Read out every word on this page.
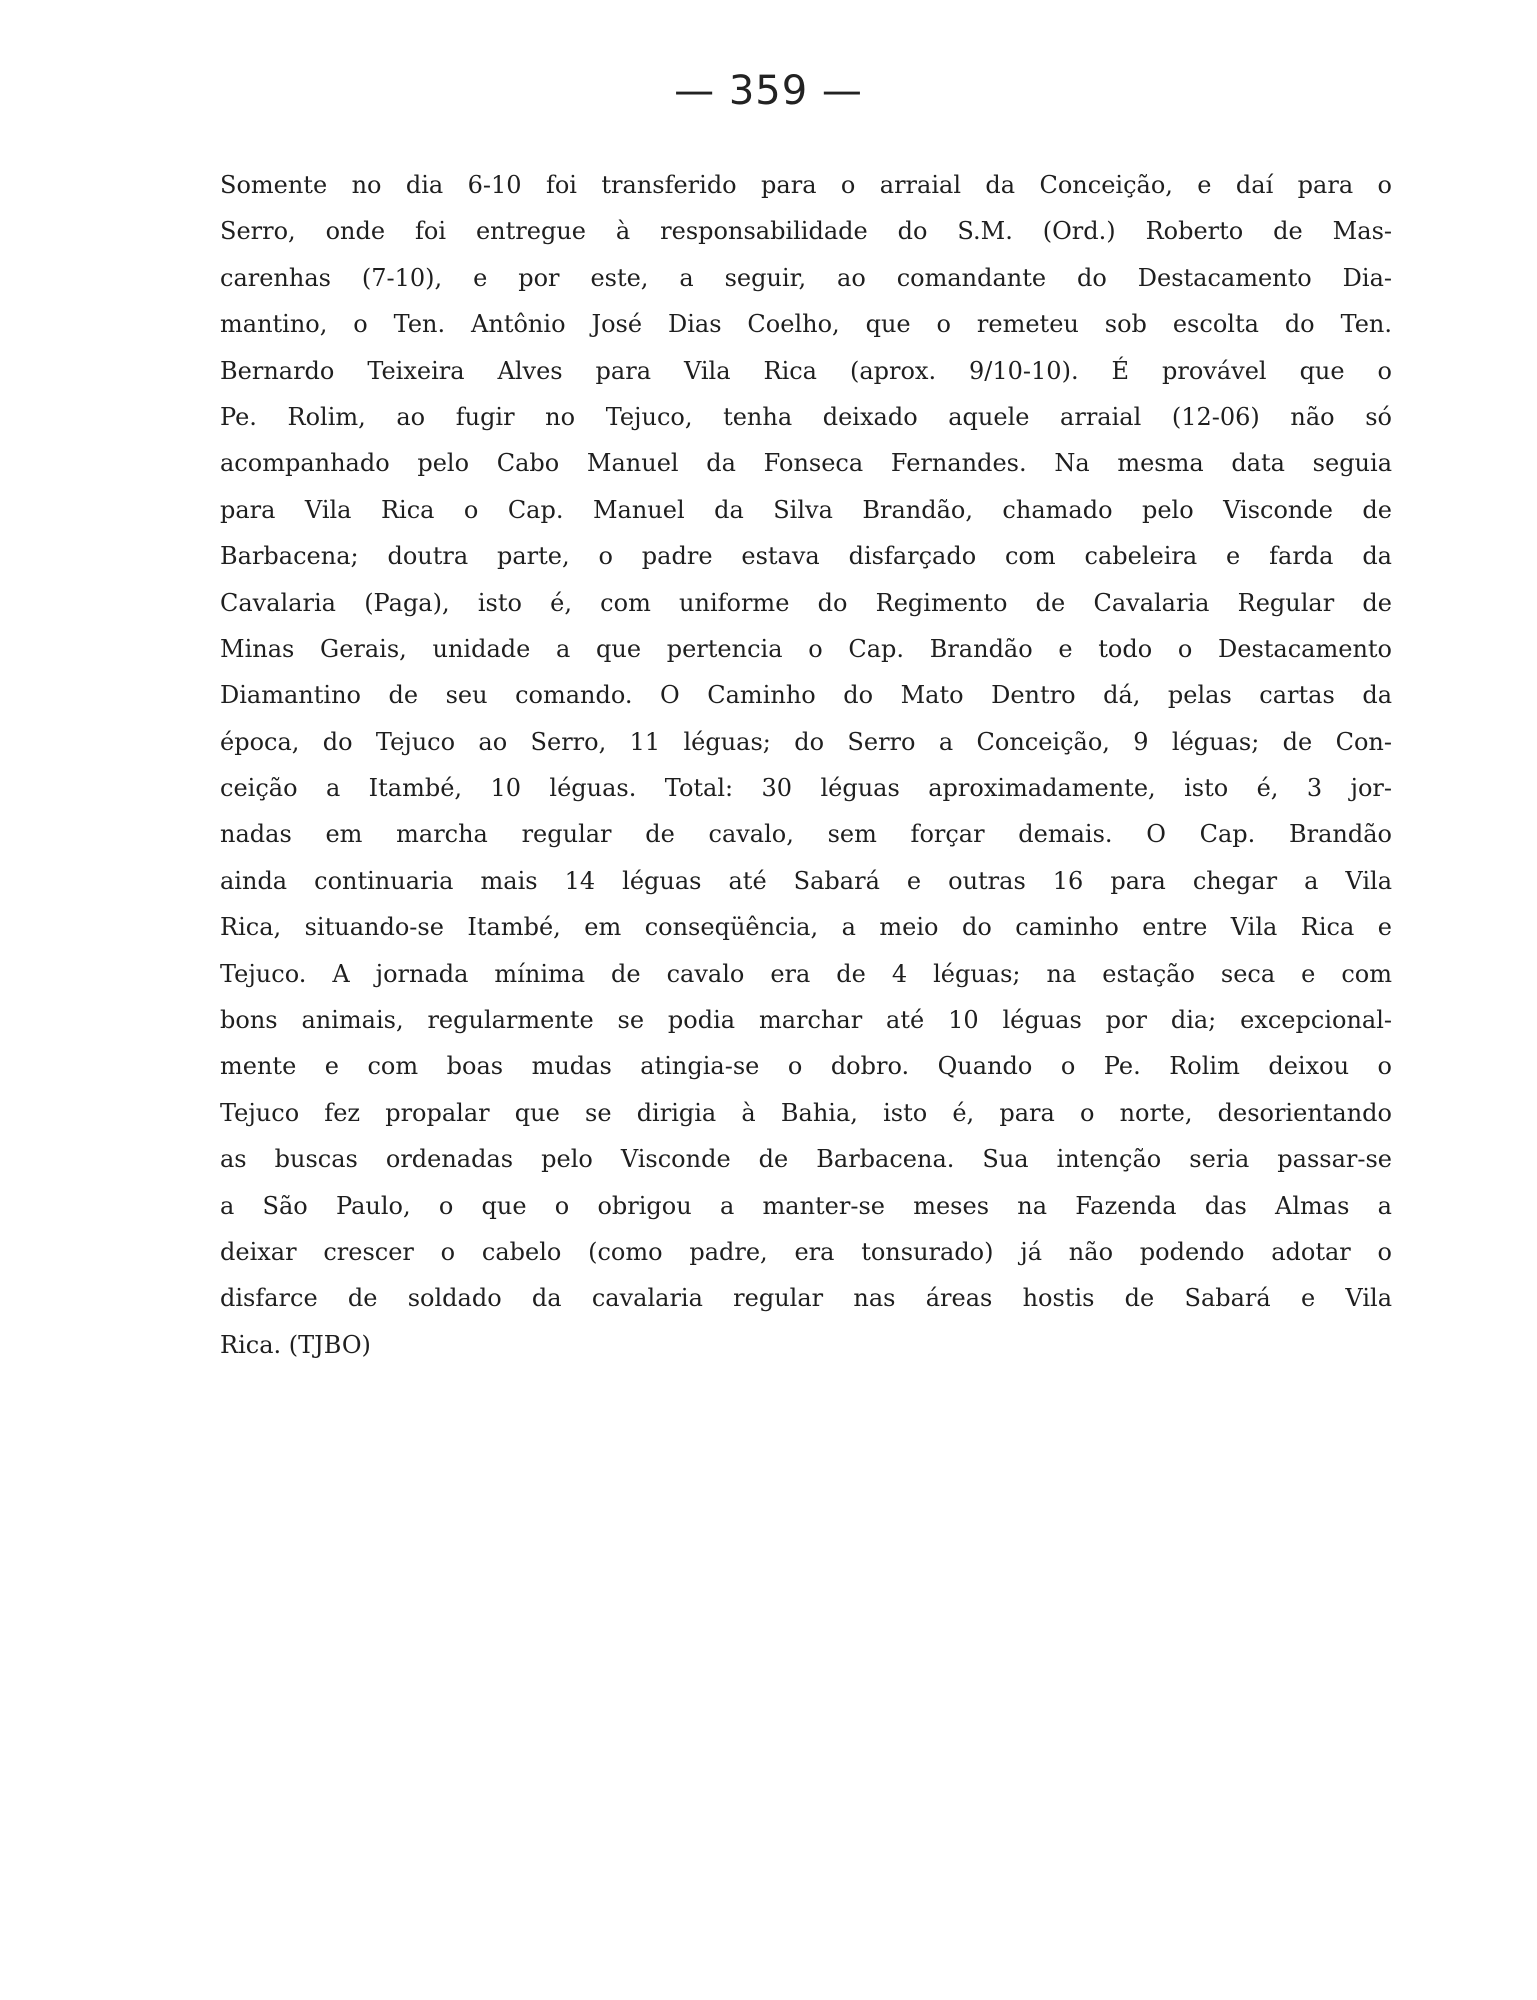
— 359 —
Somente no dia 6-10 foi transferido para o arraial da Conceição, e daí para o
Serro, onde foi entregue à responsabilidade do S.M. (Ord.) Roberto de Mas-
carenhas (7-10), e por este, a seguir, ao comandante do Destacamento Dia-
mantino, o Ten. Antônio José Dias Coelho, que o remeteu sob escolta do Ten.
Bernardo Teixeira Alves para Vila Rica (aprox. 9/10-10). É provável que o
Pe. Rolim, ao fugir no Tejuco, tenha deixado aquele arraial (12-06) não só
acompanhado pelo Cabo Manuel da Fonseca Fernandes. Na mesma data seguia
para Vila Rica o Cap. Manuel da Silva Brandão, chamado pelo Visconde de
Barbacena; doutra parte, o padre estava disfarçado com cabeleira e farda da
Cavalaria (Paga), isto é, com uniforme do Regimento de Cavalaria Regular de
Minas Gerais, unidade a que pertencia o Cap. Brandão e todo o Destacamento
Diamantino de seu comando. O Caminho do Mato Dentro dá, pelas cartas da
época, do Tejuco ao Serro, 11 léguas; do Serro a Conceição, 9 léguas; de Con-
ceição a Itambé, 10 léguas. Total: 30 léguas aproximadamente, isto é, 3 jor-
nadas em marcha regular de cavalo, sem forçar demais. O Cap. Brandão
ainda continuaria mais 14 léguas até Sabará e outras 16 para chegar a Vila
Rica, situando-se Itambé, em conseqüência, a meio do caminho entre Vila Rica e
Tejuco. A jornada mínima de cavalo era de 4 léguas; na estação seca e com
bons animais, regularmente se podia marchar até 10 léguas por dia; excepcional-
mente e com boas mudas atingia-se o dobro. Quando o Pe. Rolim deixou o
Tejuco fez propalar que se dirigia à Bahia, isto é, para o norte, desorientando
as buscas ordenadas pelo Visconde de Barbacena. Sua intenção seria passar-se
a São Paulo, o que o obrigou a manter-se meses na Fazenda das Almas a
deixar crescer o cabelo (como padre, era tonsurado) já não podendo adotar o
disfarce de soldado da cavalaria regular nas áreas hostis de Sabará e Vila
Rica. (TJBO)
